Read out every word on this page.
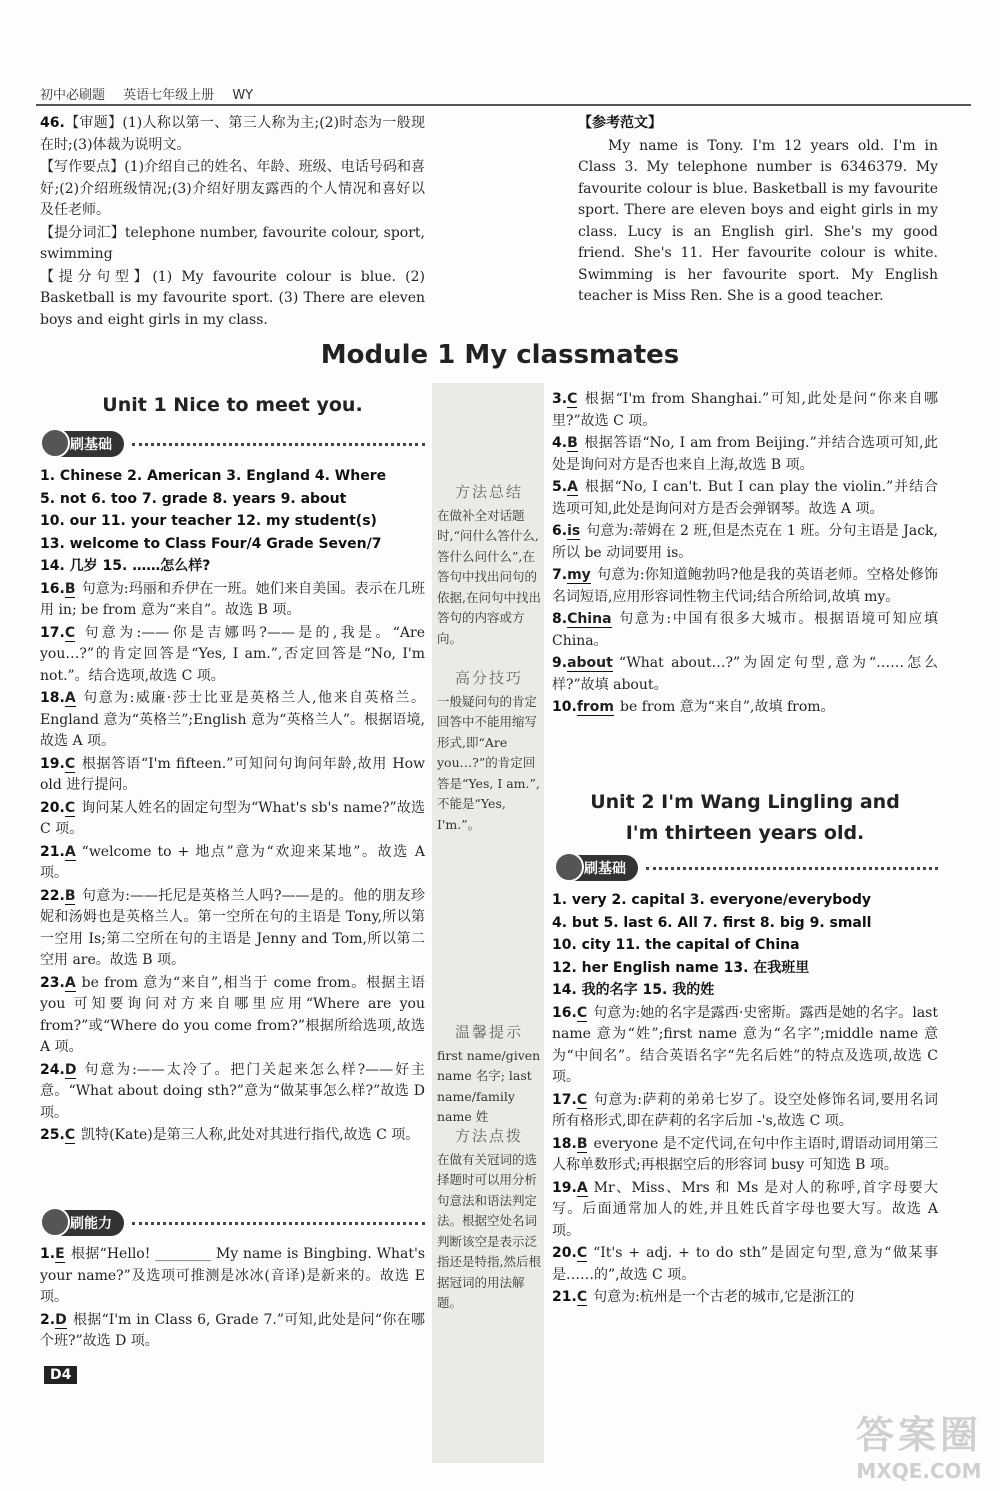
初中必刷题 英语七年级上册 WY

46.【审题】(1)人称以第一、第三人称为主;(2)时态为一般现在时;(3)体裁为说明文。

【写作要点】(1)介绍自己的姓名、年龄、班级、电话号码和喜好;(2)介绍班级情况;(3)介绍好朋友露西的个人情况和喜好以及任老师。

【提分词汇】telephone number, favourite colour, sport, swimming

【提分句型】(1) My favourite colour is blue. (2) Basketball is my favourite sport. (3) There are eleven boys and eight girls in my class.

【参考范文】

My name is Tony. I'm 12 years old. I'm in Class 3. My telephone number is 6346379. My favourite colour is blue. Basketball is my favourite sport. There are eleven boys and eight girls in my class. Lucy is an English girl. She's my good friend. She's 11. Her favourite colour is white. Swimming is her favourite sport. My English teacher is Miss Ren. She is a good teacher.

Module 1 My classmates
Unit 1 Nice to meet you.
方法总结
在做补全对话题时,“问什么答什么,答什么问什么”,在答句中找出问句的依据,在问句中找出答句的内容或方向。
高分技巧
一般疑问句的肯定回答中不能用缩写形式,即“Are you…?”的肯定回答是“Yes, I am.”,不能是“Yes, I'm.”。
温馨提示
first name/given name 名字; last name/family name 姓
方法点拨
在做有关冠词的选择题时可以用分析句意法和语法判定法。根据空处名词判断该空是表示泛指还是特指,然后根据冠词的用法解题。
刷基础

1. Chinese 2. American 3. England 4. Where

5. not 6. too 7. grade 8. years 9. about

10. our 11. your teacher 12. my student(s)

13. welcome to Class Four/4 Grade Seven/7

14. 几岁 15. ……怎么样?

16.B 句意为:玛丽和乔伊在一班。她们来自美国。表示在几班用 in; be from 意为“来自”。故选 B 项。

17.C 句意为:——你是吉娜吗?——是的,我是。“Are you…?”的肯定回答是“Yes, I am.”,否定回答是“No, I'm not.”。结合选项,故选 C 项。

18.A 句意为:威廉·莎士比亚是英格兰人,他来自英格兰。England 意为“英格兰”;English 意为“英格兰人”。根据语境,故选 A 项。

19.C 根据答语“I'm fifteen.”可知问句询问年龄,故用 How old 进行提问。

20.C 询问某人姓名的固定句型为“What's sb's name?”故选 C 项。

21.A “welcome to + 地点”意为“欢迎来某地”。故选 A 项。

22.B 句意为:——托尼是英格兰人吗?——是的。他的朋友珍妮和汤姆也是英格兰人。第一空所在句的主语是 Tony,所以第一空用 Is;第二空所在句的主语是 Jenny and Tom,所以第二空用 are。故选 B 项。

23.A be from 意为“来自”,相当于 come from。根据主语 you 可知要询问对方来自哪里应用“Where are you from?”或“Where do you come from?”根据所给选项,故选 A 项。

24.D 句意为:——太冷了。把门关起来怎么样?——好主意。“What about doing sth?”意为“做某事怎么样?”故选 D 项。

25.C 凯特(Kate)是第三人称,此处对其进行指代,故选 C 项。

刷能力

1.E 根据“Hello! ________ My name is Bingbing. What's your name?”及选项可推测是冰冰(音译)是新来的。故选 E 项。

2.D 根据“I'm in Class 6, Grade 7.”可知,此处是问“你在哪个班?”故选 D 项。

3.C 根据“I'm from Shanghai.”可知,此处是问“你来自哪里?”故选 C 项。

4.B 根据答语“No, I am from Beijing.”并结合选项可知,此处是询问对方是否也来自上海,故选 B 项。

5.A 根据“No, I can't. But I can play the violin.”并结合选项可知,此处是询问对方是否会弹钢琴。故选 A 项。

6.is 句意为:蒂姆在 2 班,但是杰克在 1 班。分句主语是 Jack,所以 be 动词要用 is。

7.my 句意为:你知道鲍勃吗?他是我的英语老师。空格处修饰名词短语,应用形容词性物主代词;结合所给词,故填 my。

8.China 句意为:中国有很多大城市。根据语境可知应填 China。

9.about “What about…?”为固定句型,意为“……怎么样?”故填 about。

10.from be from 意为“来自”,故填 from。

Unit 2 I'm Wang Lingling and
I'm thirteen years old.
刷基础

1. very 2. capital 3. everyone/everybody

4. but 5. last 6. All 7. first 8. big 9. small

10. city 11. the capital of China

12. her English name 13. 在我班里

14. 我的名字 15. 我的姓

16.C 句意为:她的名字是露西·史密斯。露西是她的名字。last name 意为“姓”;first name 意为“名字”;middle name 意为“中间名”。结合英语名字“先名后姓”的特点及选项,故选 C 项。

17.C 句意为:萨莉的弟弟七岁了。设空处修饰名词,要用名词所有格形式,即在萨莉的名字后加 -'s,故选 C 项。

18.B everyone 是不定代词,在句中作主语时,谓语动词用第三人称单数形式;再根据空后的形容词 busy 可知选 B 项。

19.A Mr、Miss、Mrs 和 Ms 是对人的称呼,首字母要大写。后面通常加人的姓,并且姓氏首字母也要大写。故选 A 项。

20.C “It's + adj. + to do sth”是固定句型,意为“做某事是……的”,故选 C 项。

21.C 句意为:杭州是一个古老的城市,它是浙江的

D4
答案圈
MXQE.COM
